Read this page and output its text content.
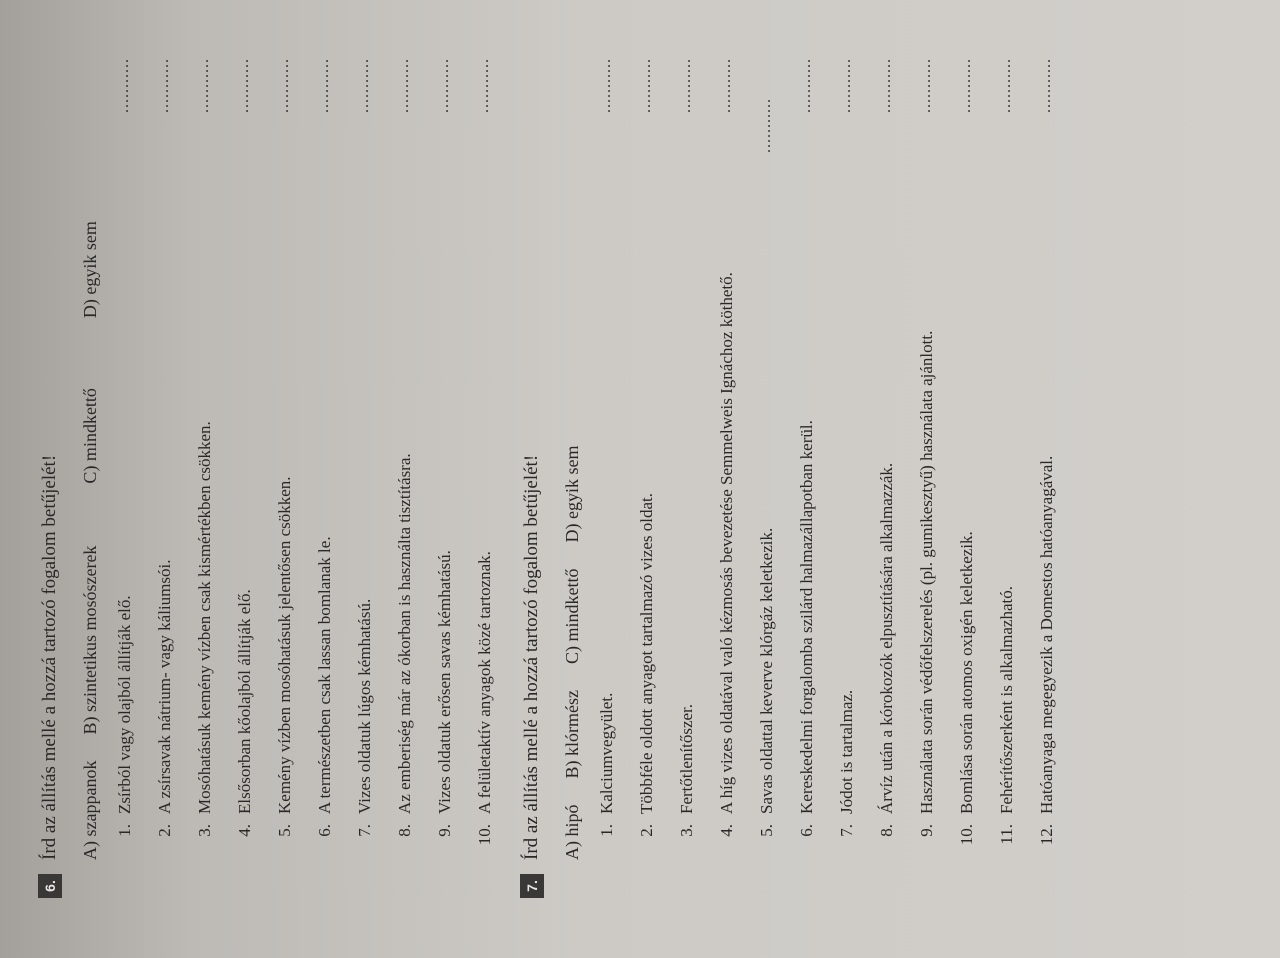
6.
Írd az állítás mellé a hozzá tartozó fogalom betűjelét! A) szappanok
B) szintetikus mosószerek
C) mindkettő
D) egyik sem
1.
Zsírból vagy olajból állítják elő.
...........
2.
A zsírsavak nátrium- vagy káliumsói.
...........
3.
Mosóhatásuk kemény vízben csak kismértékben csökken.
...........
4.
Elsősorban kőolajból állítják elő.
...........
5.
Kemény vízben mosóhatásuk jelentősen csökken.
...........
6.
A természetben csak lassan bomlanak le.
...........
7.
Vizes oldatuk lúgos kémhatású.
...........
8.
Az emberiség már az ókorban is használta tisztításra.
...........
9.
Vizes oldatuk erősen savas kémhatású.
...........
10.
A felületaktív anyagok közé tartoznak.
...........
7.
Írd az állítás mellé a hozzá tartozó fogalom betűjelét! A) hipó
B) klórmész
C) mindkettő
D) egyik sem
1.
Kalciumvegyület.
...........
2.
Többféle oldott anyagot tartalmazó vizes oldat.
...........
3.
Fertőtlenítőszer.
...........
4.
A híg vizes oldatával való kézmosás bevezetése Semmelweis Ignáchoz köthető.
...........
5.
Savas oldattal keverve klórgáz keletkezik.
...........
6.
Kereskedelmi forgalomba szilárd halmazállapotban kerül.
...........
7.
Jódot is tartalmaz.
...........
8.
Árvíz után a kórokozók elpusztítására alkalmazzák.
...........
9.
Használata során védőfelszerelés (pl. gumikesztyű) használata ajánlott.
...........
10.
Bomlása során atomos oxigén keletkezik.
...........
11.
Fehérítőszerként is alkalmazható.
...........
12.
Hatóanyaga megegyezik a Domestos hatóanyagával.
...........
